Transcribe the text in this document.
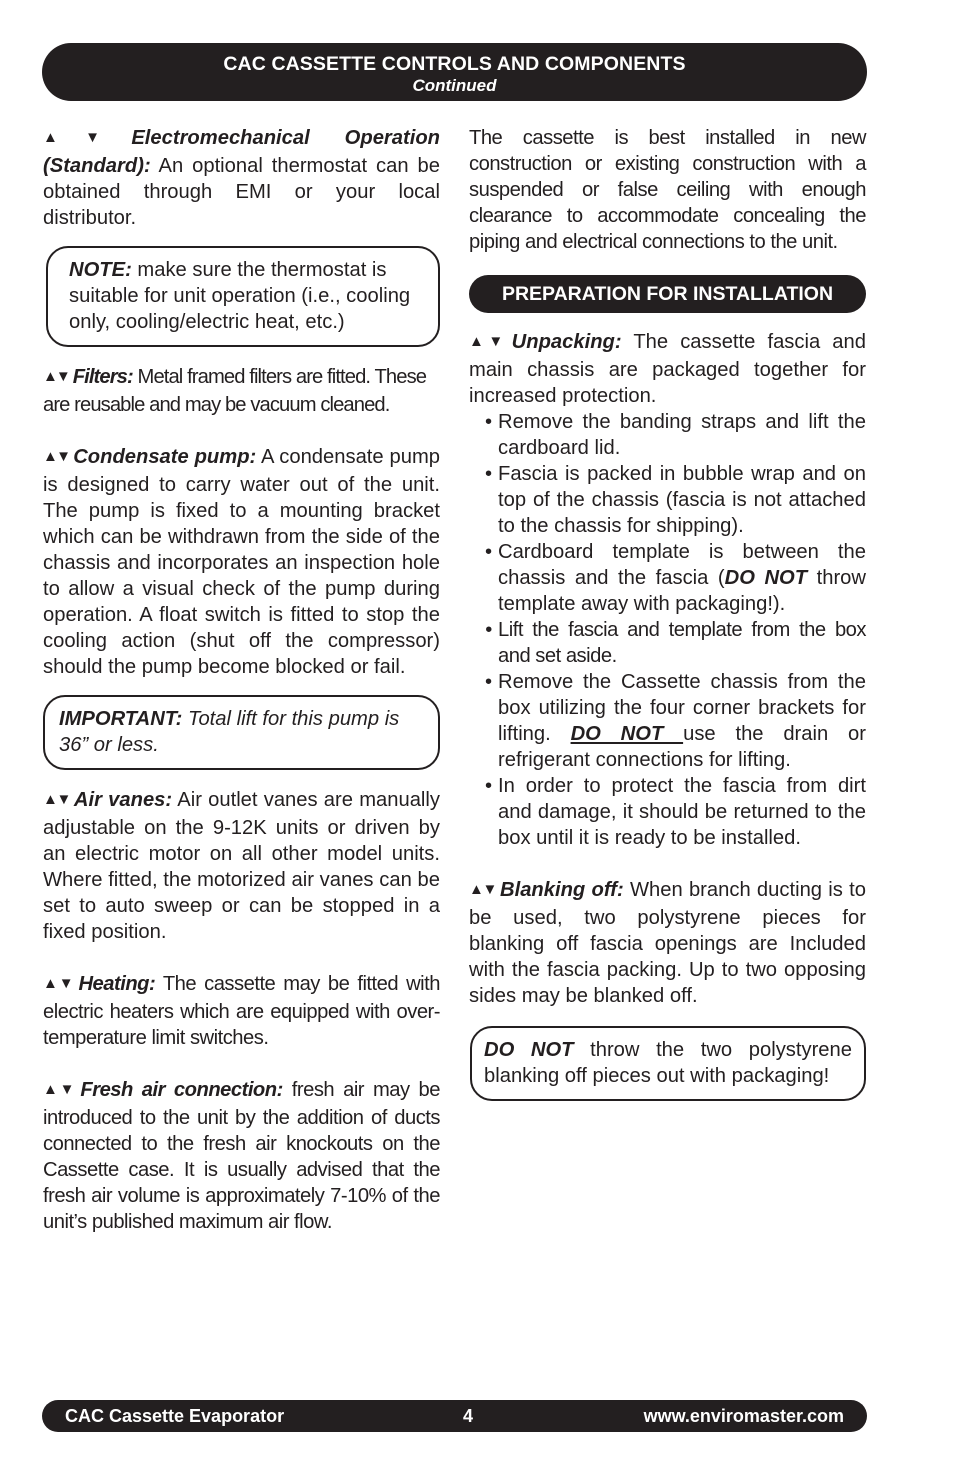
CAC CASSETTE CONTROLS AND COMPONENTS
Continued

▲▼ Electromechanical Operation (Standard): An optional thermostat can be obtained through EMI or your local distributor.

NOTE: make sure the thermostat is suitable for unit operation (i.e., cooling only, cooling/electric heat, etc.)

▲▼ Filters: Metal framed filters are fitted. These are reusable and may be vacuum cleaned.

▲▼ Condensate pump: A condensate pump is designed to carry water out of the unit. The pump is fixed to a mounting bracket which can be withdrawn from the side of the chassis and incorporates an inspection hole to allow a visual check of the pump during operation. A float switch is fitted to stop the cooling action (shut off the compressor) should the pump become blocked or fail.

IMPORTANT: Total lift for this pump is 36” or less.

▲▼ Air vanes: Air outlet vanes are manually adjustable on the 9-12K units or driven by an electric motor on all other model units. Where fitted, the motorized air vanes can be set to auto sweep or can be stopped in a fixed position.

▲▼ Heating: The cassette may be fitted with electric heaters which are equipped with over-temperature limit switches.

▲▼ Fresh air connection: fresh air may be introduced to the unit by the addition of ducts connected to the fresh air knockouts on the Cassette case. It is usually advised that the fresh air volume is approximately 7-10% of the unit’s published maximum air flow.

The cassette is best installed in new construction or existing construction with a suspended or false ceiling with enough clearance to accommodate concealing the piping and electrical connections to the unit.

PREPARATION FOR INSTALLATION

▲▼ Unpacking: The cassette fascia and main chassis are packaged together for increased protection.

• Remove the banding straps and lift the cardboard lid.
• Fascia is packed in bubble wrap and on top of the chassis (fascia is not attached to the chassis for shipping).
• Cardboard template is between the chassis and the fascia (DO NOT throw template away with packaging!).
• Lift the fascia and template from the box and set aside.
• Remove the Cassette chassis from the box utilizing the four corner brackets for lifting. DO NOT use the drain or refrigerant connections for lifting.
• In order to protect the fascia from dirt and damage, it should be returned to the box until it is ready to be installed.

▲▼ Blanking off: When branch ducting is to be used, two polystyrene pieces for blanking off fascia openings are Included with the fascia packing. Up to two opposing sides may be blanked off.

DO NOT throw the two polystyrene blanking off pieces out with packaging!
CAC Cassette Evaporator	4	www.enviromaster.com
